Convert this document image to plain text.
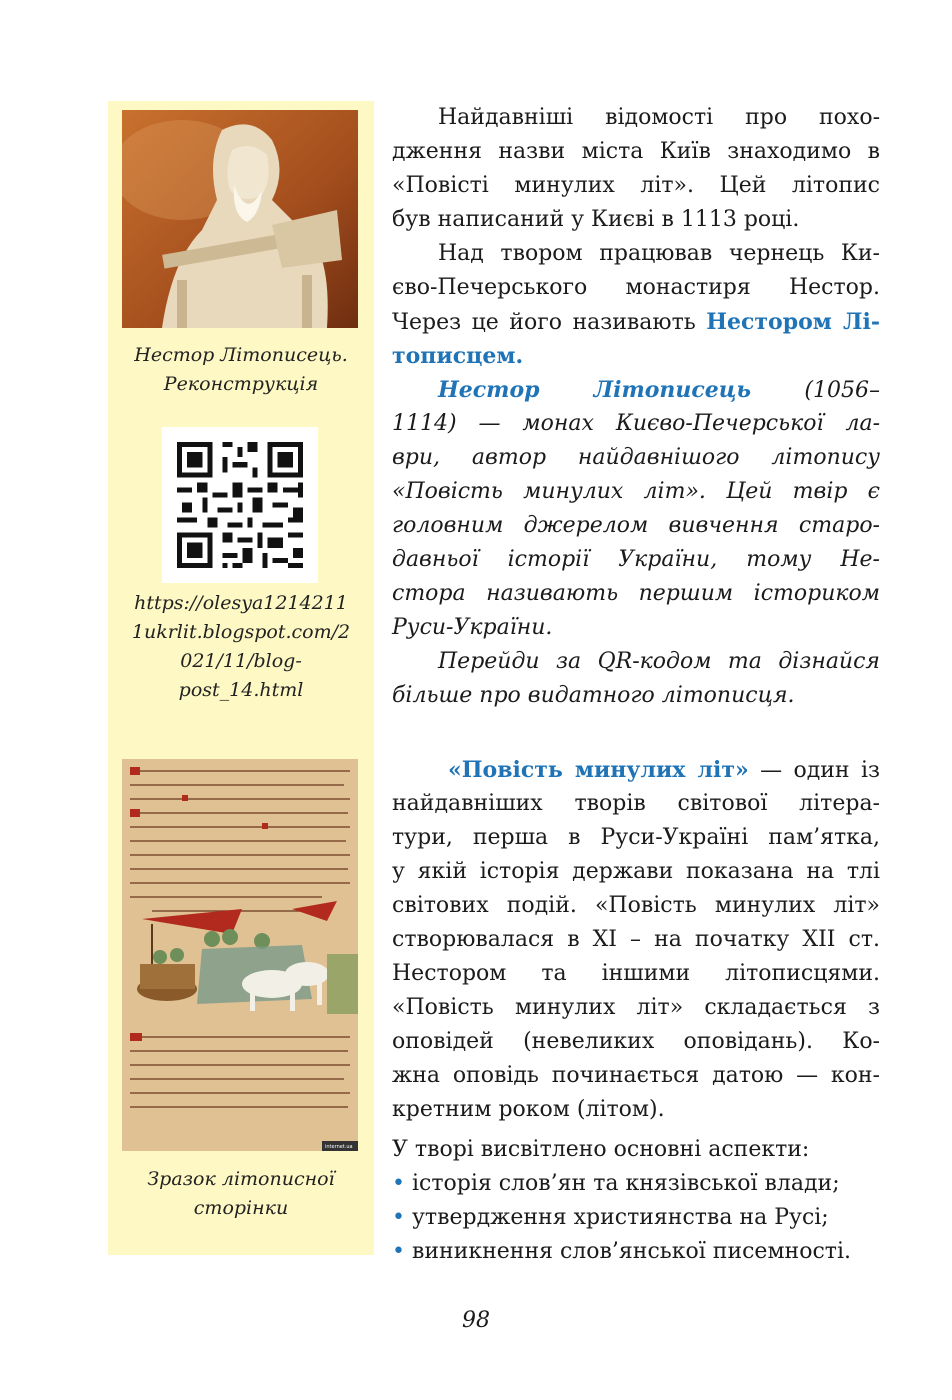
Нестор Літописець.
Реконструкція
https://olesya1214211
1ukrlit.blogspot.com/2
021/11/blog-
post_14.html
internet.ua
Зразок літописної
сторінки
Найдавніші відомості про похо-
дження назви міста Київ знаходимо в
«Повісті минулих літ». Цей літопис
був написаний у Києві в 1113 році.
Над твором працював чернець Ки-
єво-Печерського монастиря Нестор.
Через це його називають Нестором Лі-
тописцем.
Нестор Літописець (1056–
1114) — монах Києво-Печерської ла-
ври, автор найдавнішого літопису
«Повість минулих літ». Цей твір є
головним джерелом вивчення старо-
давньої історії України, тому Не-
стора називають першим істориком
Руси-України.
Перейди за QR-кодом та дізнайся
більше про видатного літописця.
«Повість минулих літ» — один із
найдавніших творів світової літера-
тури, перша в Руси-Україні пам’ятка,
у якій історія держави показана на тлі
світових подій. «Повість минулих літ»
створювалася в XI – на початку XII ст.
Нестором та іншими літописцями.
«Повість минулих літ» складається з
оповідей (невеликих оповідань). Ко-
жна оповідь починається датою — кон-
кретним роком (літом).
У творі висвітлено основні аспекти:
• історія слов’ян та князівської влади;
• утвердження християнства на Русі;
• виникнення слов’янської писемності.
98
